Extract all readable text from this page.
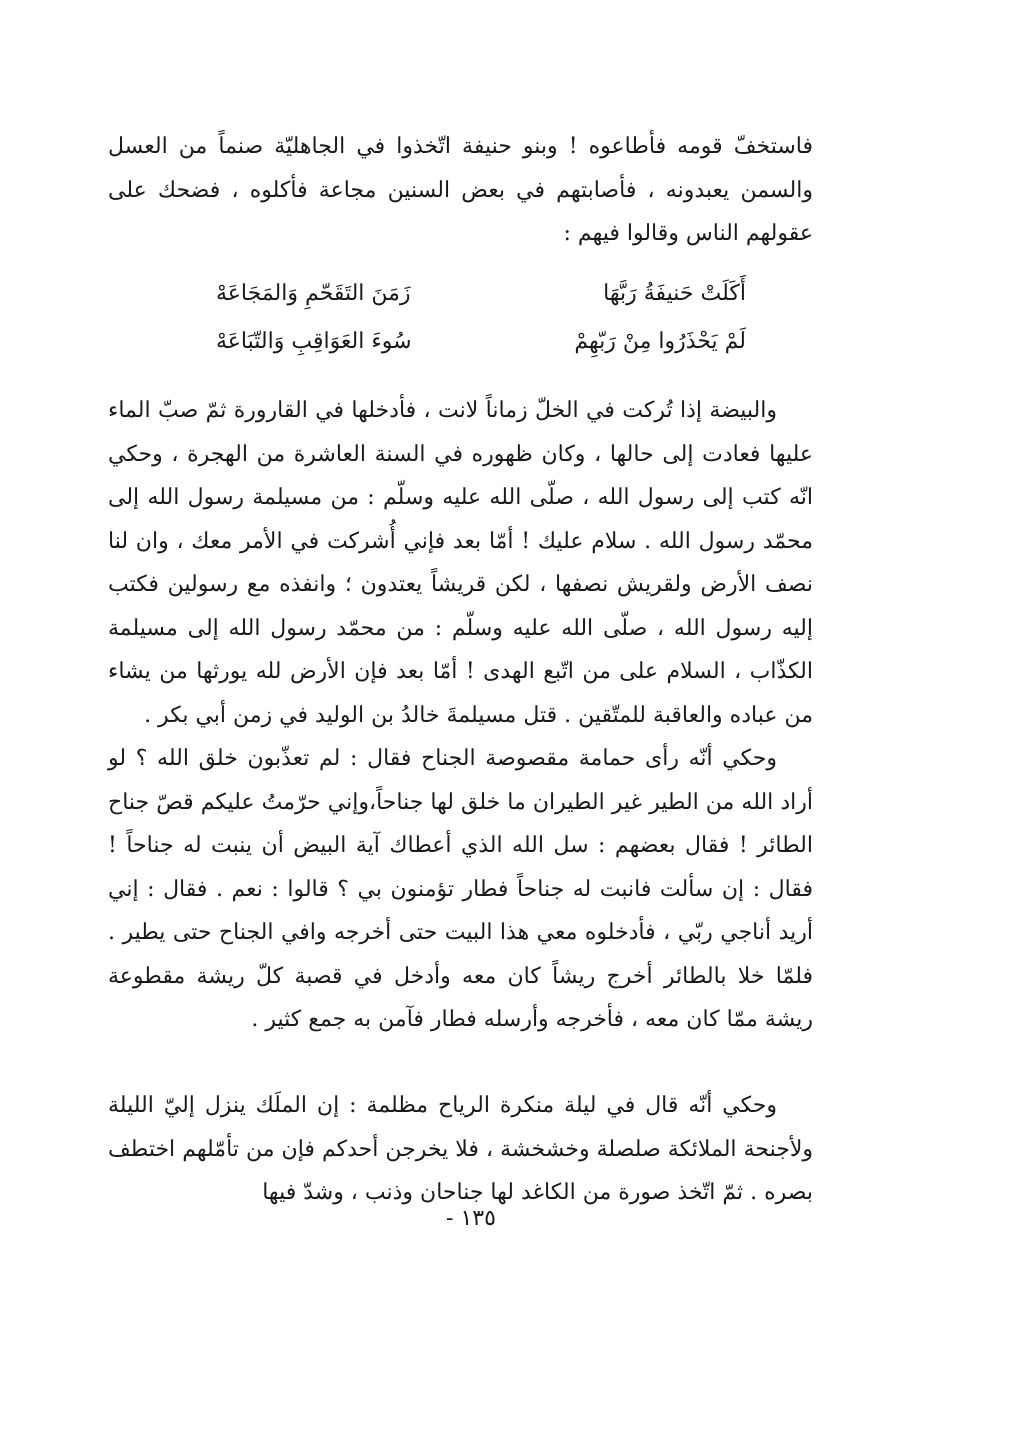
فاستخفّ قومه فأطاعوه ! وبنو حنيفة اتّخذوا في الجاهليّة صنماً من العسل والسمن يعبدونه ، فأصابتهم في بعض السنين مجاعة فأكلوه ، فضحك على عقولهم الناس وقالوا فيهم :

أَكَلَتْ حَنيفَةُ رَبَّهَا
زَمَنَ التَقَحّمِ وَالمَجَاعَهْ
لَمْ يَحْذَرُوا مِنْ رَبّهِمْ
سُوءَ العَوَاقِبِ وَالتّبَاعَهْ

والبيضة إذا تُركت في الخلّ زماناً لانت ، فأدخلها في القارورة ثمّ صبّ الماء عليها فعادت إلى حالها ، وكان ظهوره في السنة العاشرة من الهجرة ، وحكي انّه كتب إلى رسول الله ، صلّى الله عليه وسلّم : من مسيلمة رسول الله إلى محمّد رسول الله . سلام عليك ! أمّا بعد فإني أُشركت في الأمر معك ، وان لنا نصف الأرض ولقريش نصفها ، لكن قريشاً يعتدون ؛ وانفذه مع رسولين فكتب إليه رسول الله ، صلّى الله عليه وسلّم : من محمّد رسول الله إلى مسيلمة الكذّاب ، السلام على من اتّبع الهدى ! أمّا بعد فإن الأرض لله يورثها من يشاء من عباده والعاقبة للمتّقين . قتل مسيلمةَ خالدُ بن الوليد في زمن أبي بكر .

وحكي أنّه رأى حمامة مقصوصة الجناح فقال : لم تعذّبون خلق الله ؟ لو أراد الله من الطير غير الطيران ما خلق لها جناحاً،وإني حرّمتُ عليكم قصّ جناح الطائر ! فقال بعضهم : سل الله الذي أعطاك آية البيض أن ينبت له جناحاً ! فقال : إن سألت فانبت له جناحاً فطار تؤمنون بي ؟ قالوا : نعم . فقال : إني أريد أناجي ربّي ، فأدخلوه معي هذا البيت حتى أخرجه وافي الجناح حتى يطير . فلمّا خلا بالطائر أخرج ريشاً كان معه وأدخل في قصبة كلّ ريشة مقطوعة ريشة ممّا كان معه ، فأخرجه وأرسله فطار فآمن به جمع كثير .

وحكي أنّه قال في ليلة منكرة الرياح مظلمة : إن الملَك ينزل إليّ الليلة ولأجنحة الملائكة صلصلة وخشخشة ، فلا يخرجن أحدكم فإن من تأمّلهم اختطف بصره . ثمّ اتّخذ صورة من الكاغد لها جناحان وذنب ، وشدّ فيها

١٣٥ -
